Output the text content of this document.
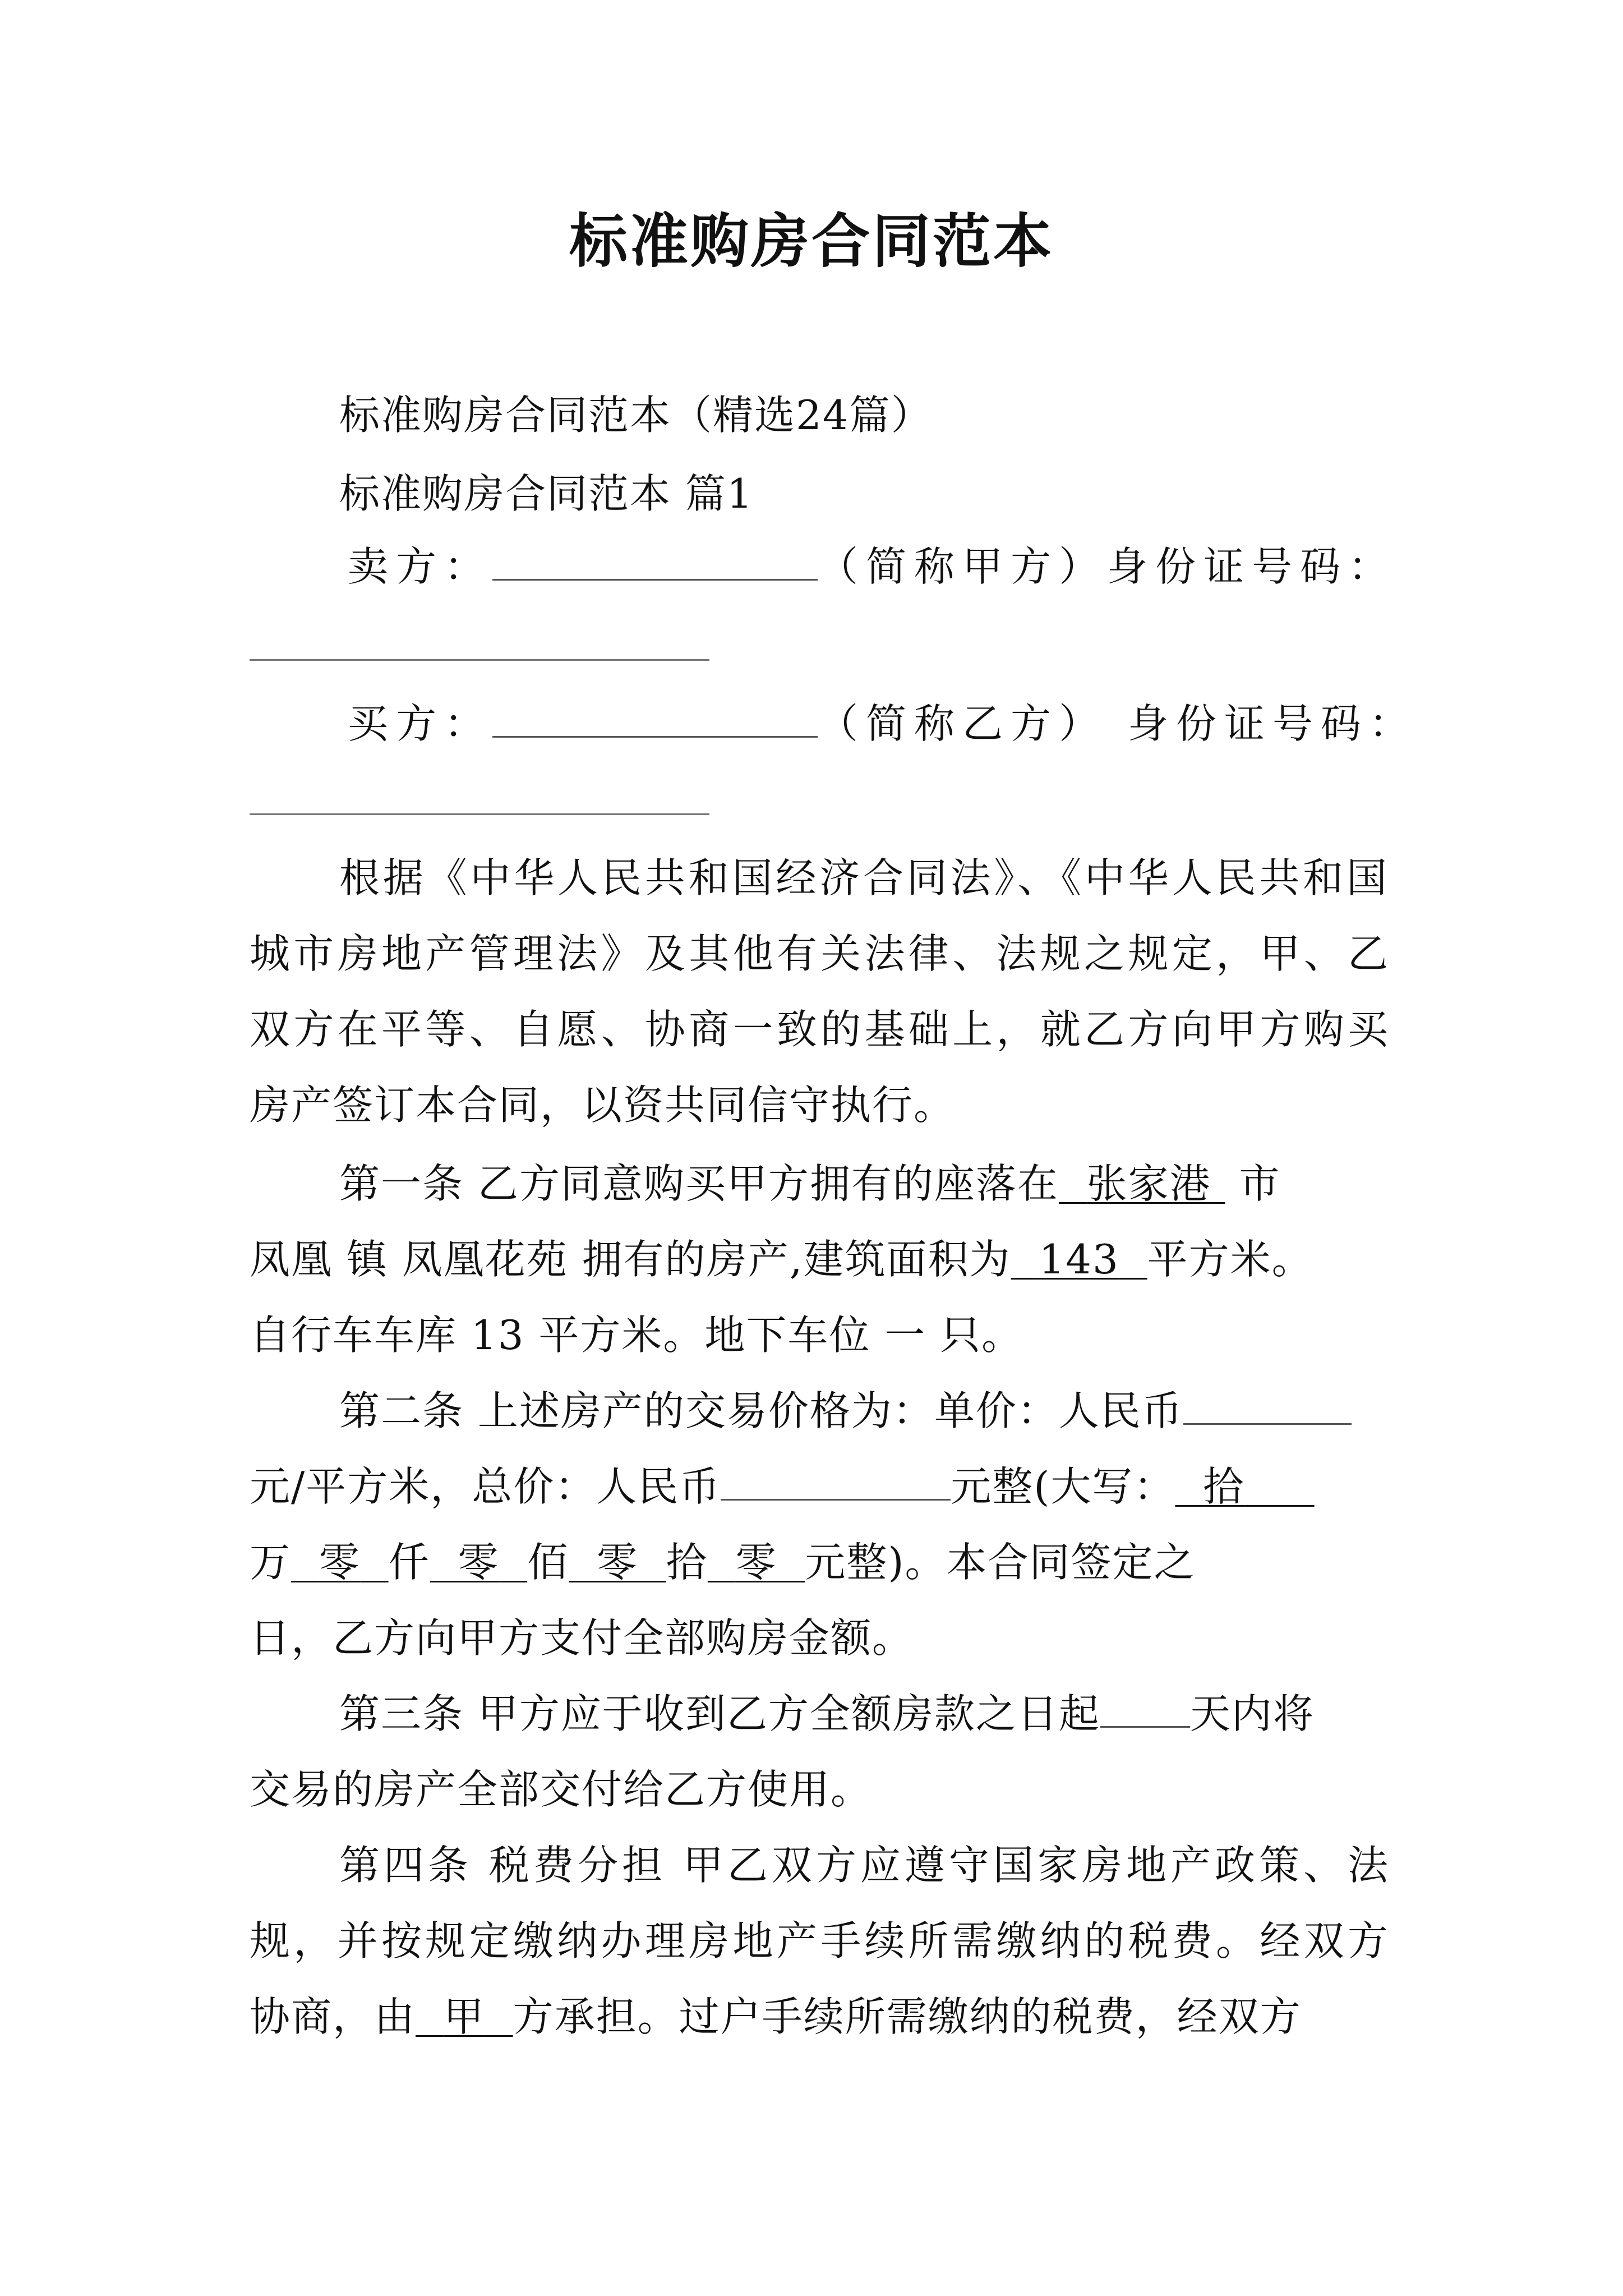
标准购房合同范本
标准购房合同范本（精选24篇）
标准购房合同范本 篇1
卖方：	（简称甲方）身份证号码：
买方：	（简称乙方） 身份证号码：
根据《中华人民共和国经济合同法》、《中华人民共和国
城市房地产管理法》及其他有关法律、法规之规定，甲、乙
双方在平等、自愿、协商一致的基础上，就乙方向甲方购买
房产签订本合同，以资共同信守执行。
第一条 乙方同意购买甲方拥有的座落在 张家港  市
凤凰 镇 凤凰花苑 拥有的房产,建筑面积为 143 平方米。
自行车车库 13 平方米。地下车位 一 只。
第二条 上述房产的交易价格为：单价：人民币
元/平方米，总价：人民币	元整(大写： 拾
万 零 仟 零 佰 零 拾 零 元整)。本合同签定之
日，乙方向甲方支付全部购房金额。
第三条 甲方应于收到乙方全额房款之日起 天内将
交易的房产全部交付给乙方使用。
第四条 税费分担 甲乙双方应遵守国家房地产政策、法
规，并按规定缴纳办理房地产手续所需缴纳的税费。经双方
协商，由 甲 方承担。过户手续所需缴纳的税费，经双方
